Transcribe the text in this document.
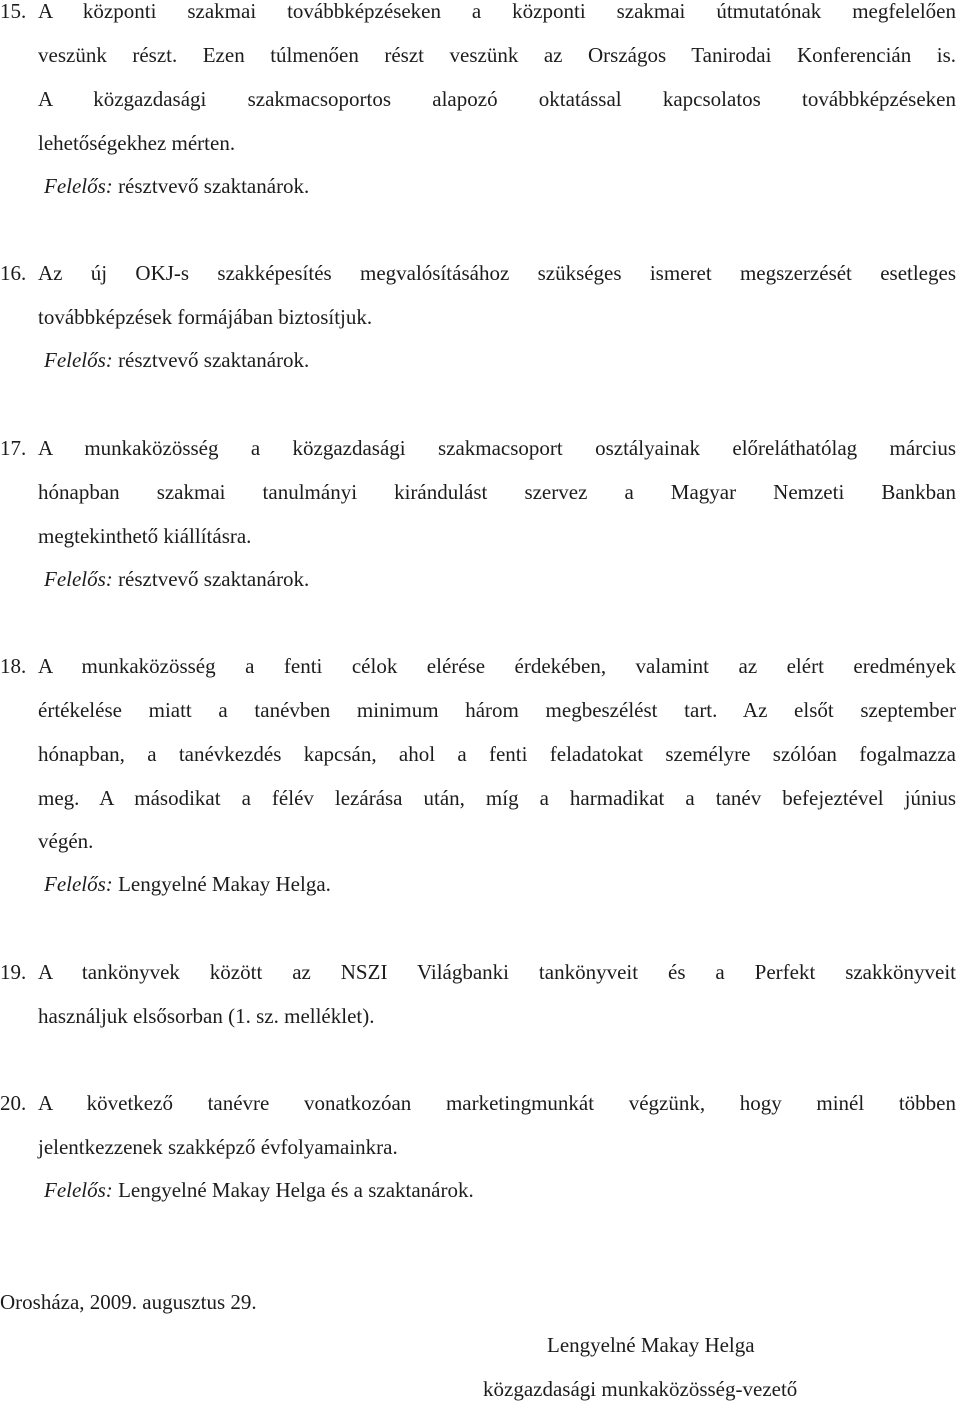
15. A központi szakmai továbbképzéseken a központi szakmai útmutatónak megfelelően
veszünk részt. Ezen túlmenően részt veszünk az Országos Tanirodai Konferencián is.
A közgazdasági szakmacsoportos alapozó oktatással kapcsolatos továbbképzéseken
lehetőségekhez mérten.
Felelős: résztvevő szaktanárok.
16. Az új OKJ-s szakképesítés megvalósításához szükséges ismeret megszerzését esetleges
továbbképzések formájában biztosítjuk.
Felelős: résztvevő szaktanárok.
17. A munkaközösség a közgazdasági szakmacsoport osztályainak előreláthatólag március
hónapban szakmai tanulmányi kirándulást szervez a Magyar Nemzeti Bankban
megtekinthető kiállításra.
Felelős: résztvevő szaktanárok.
18. A munkaközösség a fenti célok elérése érdekében, valamint az elért eredmények
értékelése miatt a tanévben minimum három megbeszélést tart. Az elsőt szeptember
hónapban, a tanévkezdés kapcsán, ahol a fenti feladatokat személyre szólóan fogalmazza
meg. A másodikat a félév lezárása után, míg a harmadikat a tanév befejeztével június
végén.
Felelős: Lengyelné Makay Helga.
19. A tankönyvek között az NSZI Világbanki tankönyveit és a Perfekt szakkönyveit
használjuk elsősorban (1. sz. melléklet).
20. A következő tanévre vonatkozóan marketingmunkát végzünk, hogy minél többen
jelentkezzenek szakképző évfolyamainkra.
Felelős: Lengyelné Makay Helga és a szaktanárok.
Orosháza, 2009. augusztus 29.
Lengyelné Makay Helga
közgazdasági munkaközösség-vezető
